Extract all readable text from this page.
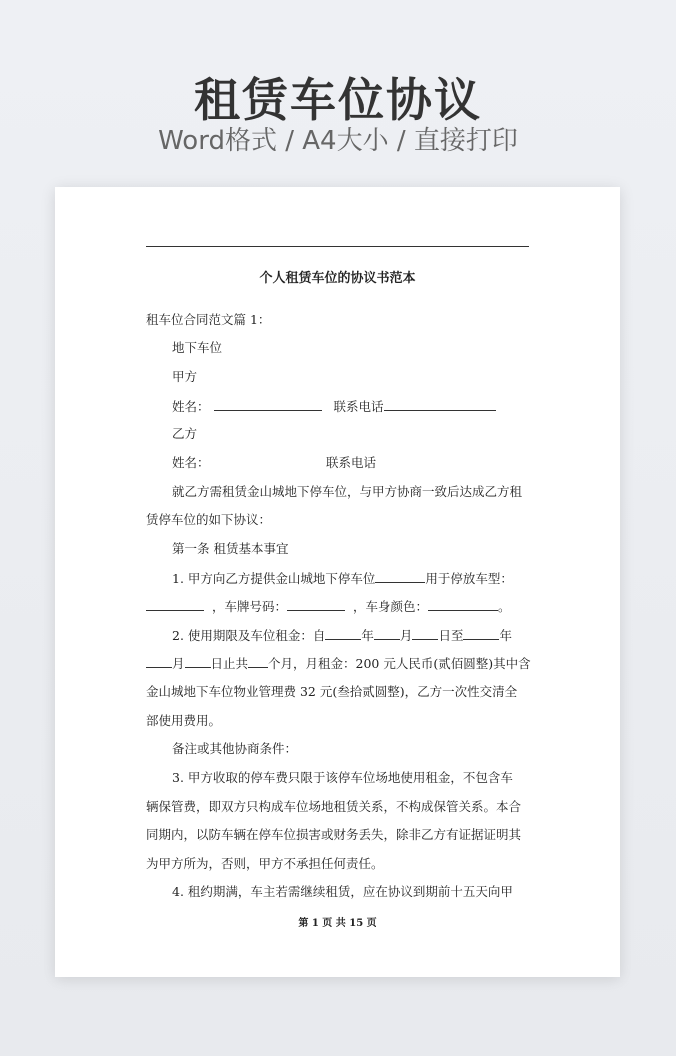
租赁车位协议

Word格式 / A4大小 / 直接打印

个人租赁车位的协议书范本
租车位合同范文篇 1：
地下车位
甲方
姓名：	联系电话
乙方
姓名：	联系电话
就乙方需租赁金山城地下停车位，与甲方协商一致后达成乙方租
赁停车位的如下协议：
第一条 租赁基本事宜
1. 甲方向乙方提供金山城地下停车位	用于停放车型：
，车牌号码：	，车身颜色：	。
2. 使用期限及车位租金：自	年 月 日至	年
月 日止共 个月，月租金：200 元人民币(贰佰圆整)其中含
金山城地下车位物业管理费 32 元(叁拾贰圆整)，乙方一次性交清全
部使用费用。
备注或其他协商条件：
3. 甲方收取的停车费只限于该停车位场地使用租金，不包含车
辆保管费，即双方只构成车位场地租赁关系，不构成保管关系。本合
同期内，以防车辆在停车位损害或财务丢失，除非乙方有证据证明其
为甲方所为，否则，甲方不承担任何责任。
4. 租约期满，车主若需继续租赁，应在协议到期前十五天向甲
第 1 页 共 15 页
